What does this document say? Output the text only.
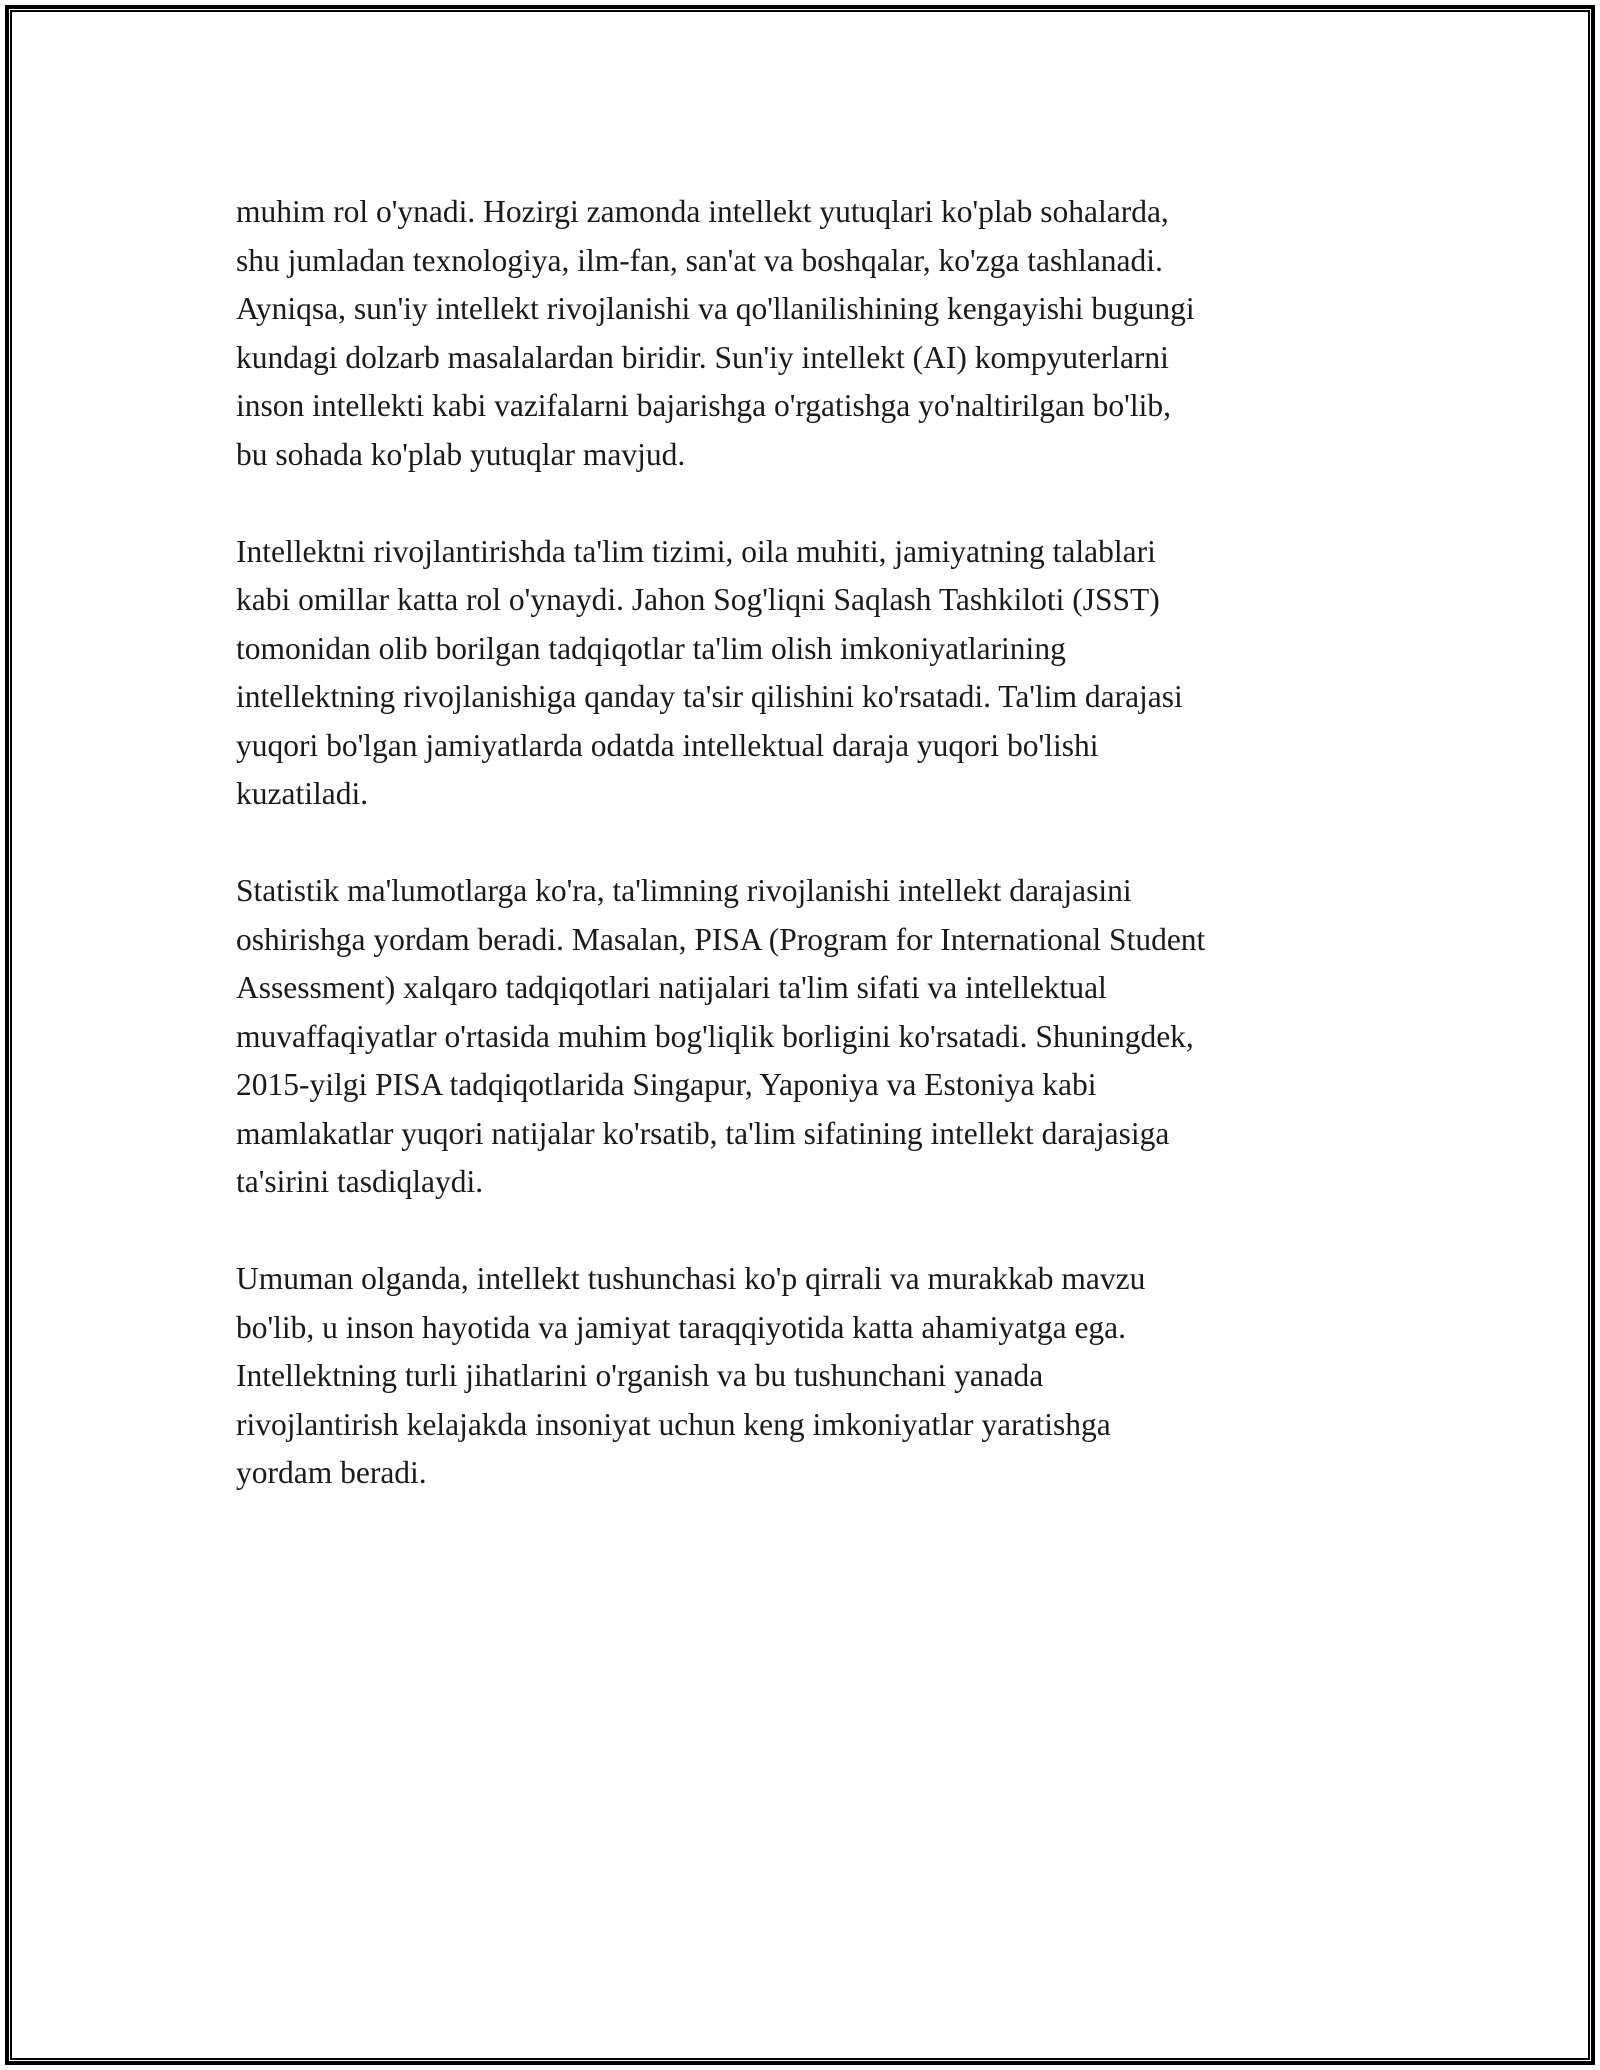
muhim rol o'ynadi. Hozirgi zamonda intellekt yutuqlari ko'plab sohalarda,
shu jumladan texnologiya, ilm-fan, san'at va boshqalar, ko'zga tashlanadi.
Ayniqsa, sun'iy intellekt rivojlanishi va qo'llanilishining kengayishi bugungi
kundagi dolzarb masalalardan biridir. Sun'iy intellekt (AI) kompyuterlarni
inson intellekti kabi vazifalarni bajarishga o'rgatishga yo'naltirilgan bo'lib,
bu sohada ko'plab yutuqlar mavjud.

Intellektni rivojlantirishda ta'lim tizimi, oila muhiti, jamiyatning talablari
kabi omillar katta rol o'ynaydi. Jahon Sog'liqni Saqlash Tashkiloti (JSST)
tomonidan olib borilgan tadqiqotlar ta'lim olish imkoniyatlarining
intellektning rivojlanishiga qanday ta'sir qilishini ko'rsatadi. Ta'lim darajasi
yuqori bo'lgan jamiyatlarda odatda intellektual daraja yuqori bo'lishi
kuzatiladi.

Statistik ma'lumotlarga ko'ra, ta'limning rivojlanishi intellekt darajasini
oshirishga yordam beradi. Masalan, PISA (Program for International Student
Assessment) xalqaro tadqiqotlari natijalari ta'lim sifati va intellektual
muvaffaqiyatlar o'rtasida muhim bog'liqlik borligini ko'rsatadi. Shuningdek,
2015-yilgi PISA tadqiqotlarida Singapur, Yaponiya va Estoniya kabi
mamlakatlar yuqori natijalar ko'rsatib, ta'lim sifatining intellekt darajasiga
ta'sirini tasdiqlaydi.

Umuman olganda, intellekt tushunchasi ko'p qirrali va murakkab mavzu
bo'lib, u inson hayotida va jamiyat taraqqiyotida katta ahamiyatga ega.
Intellektning turli jihatlarini o'rganish va bu tushunchani yanada
rivojlantirish kelajakda insoniyat uchun keng imkoniyatlar yaratishga
yordam beradi.
